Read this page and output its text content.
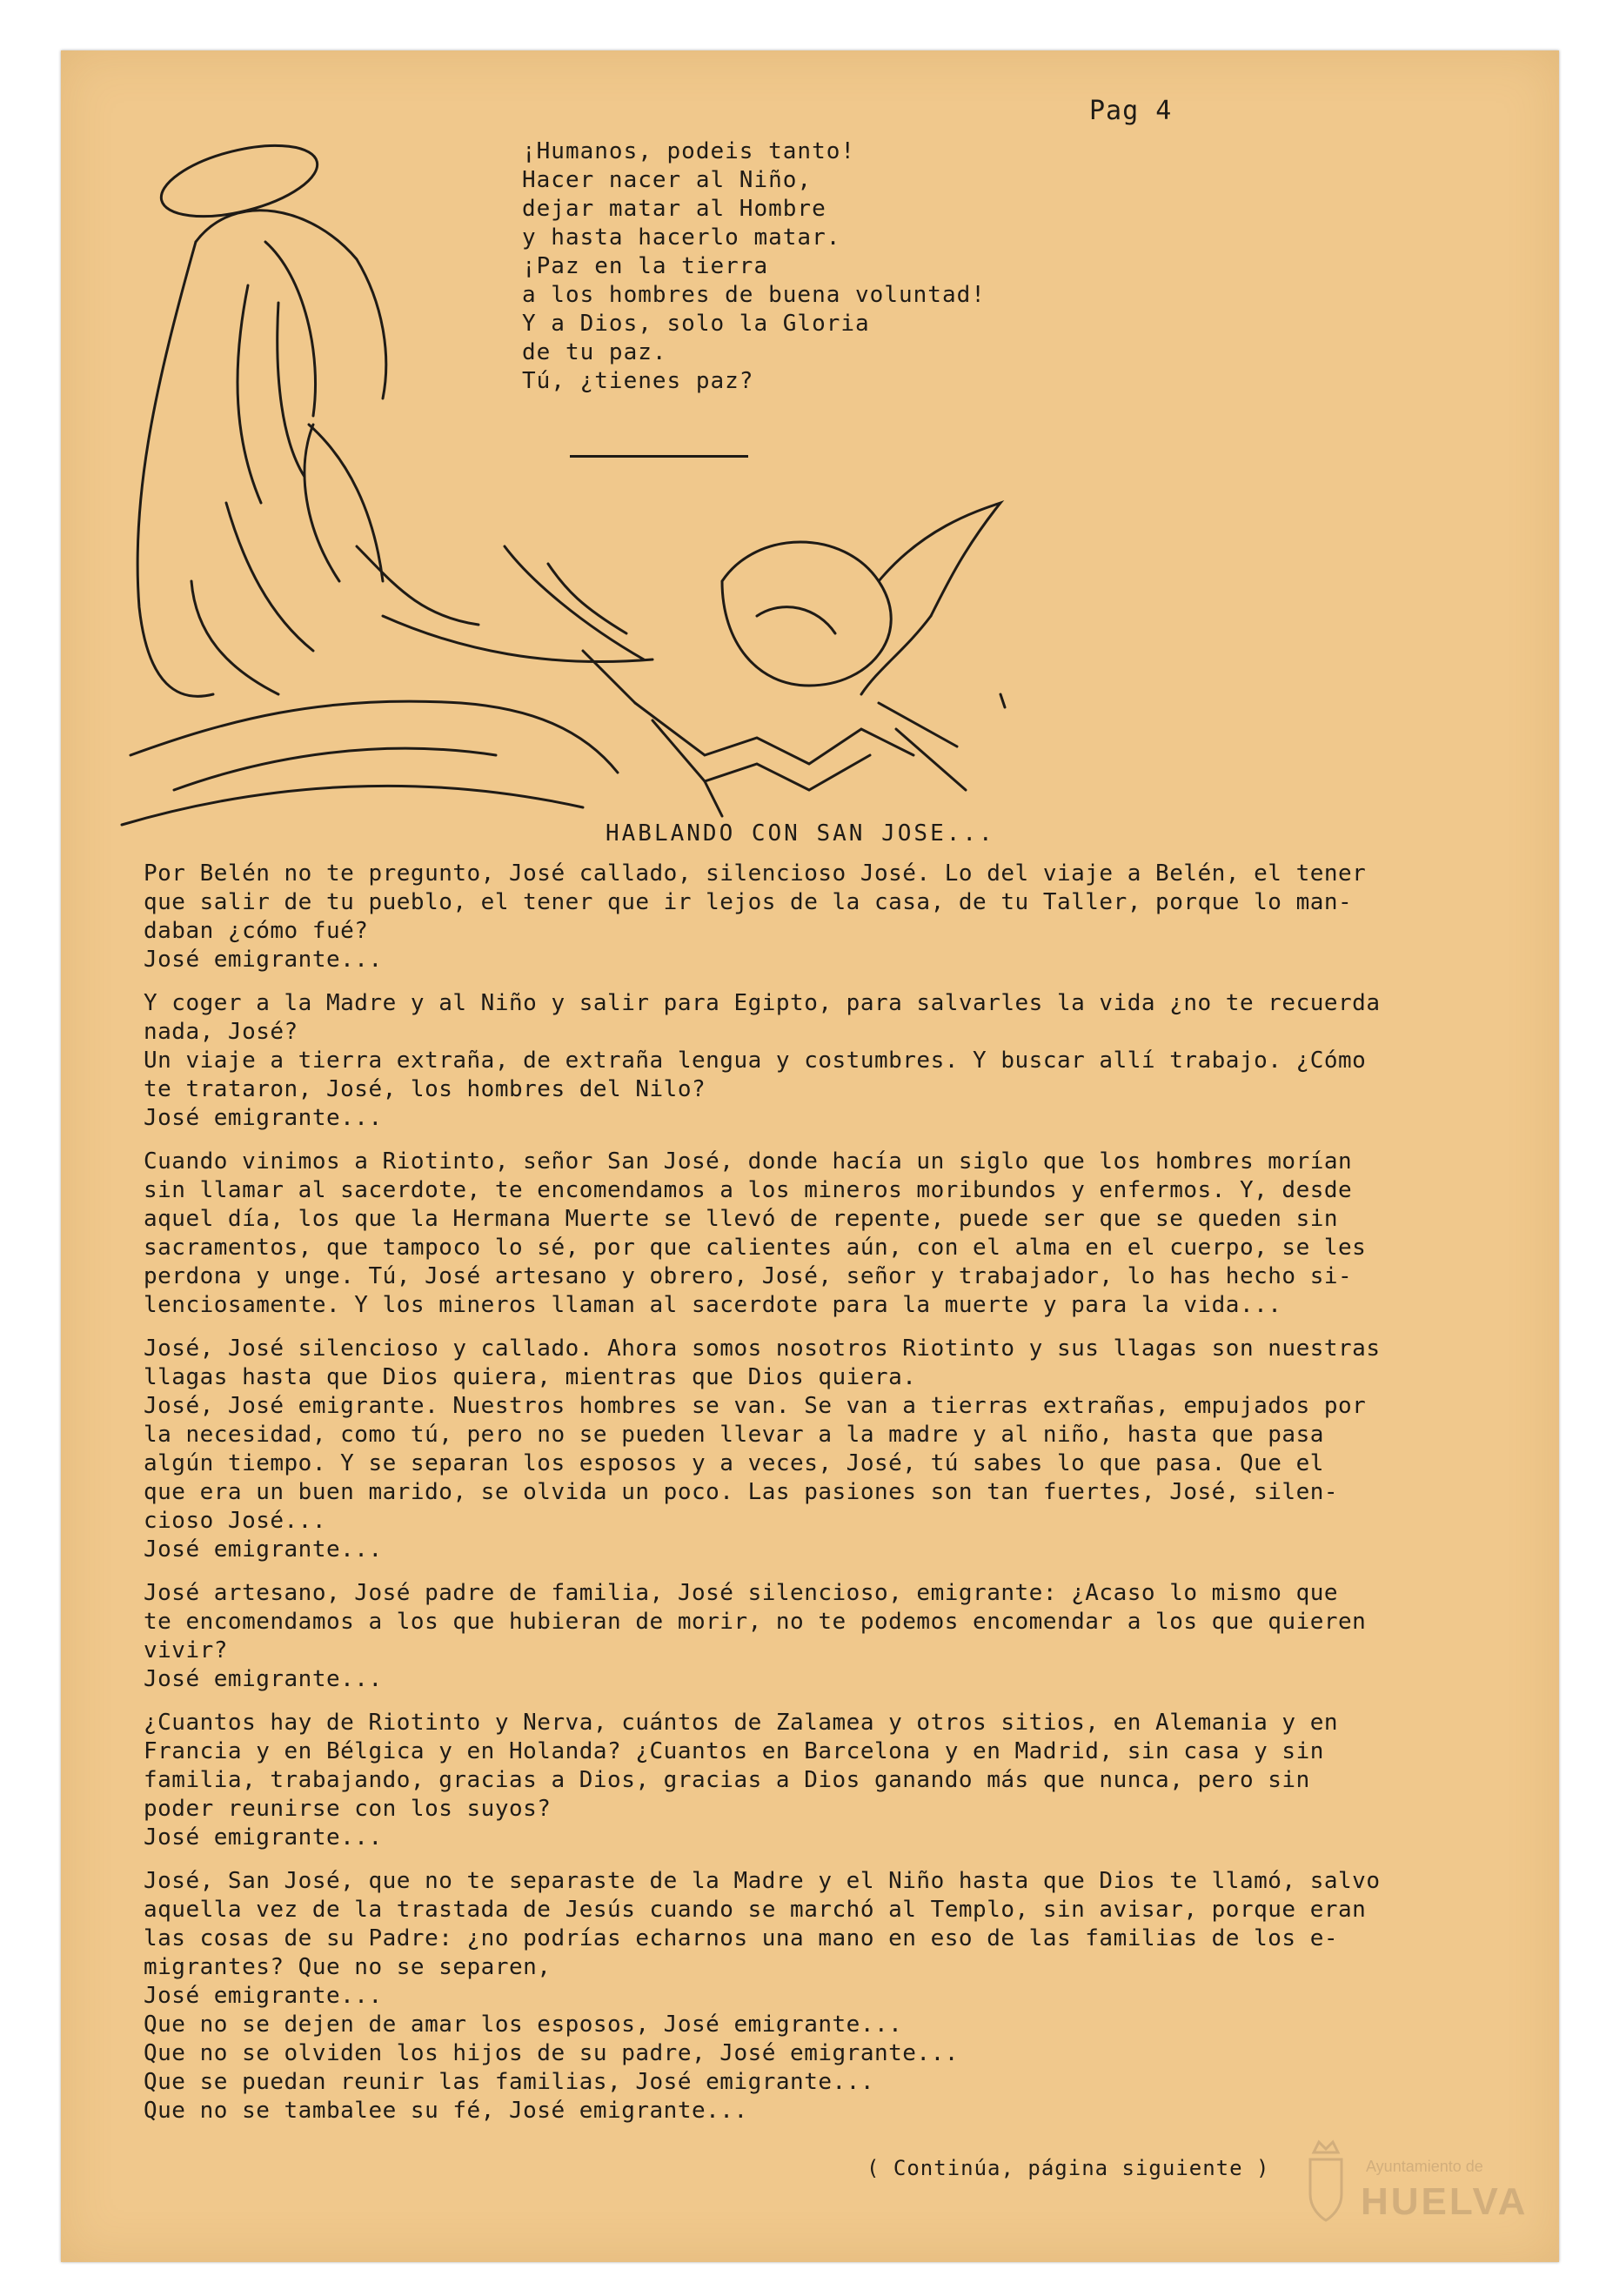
Pag 4
¡Humanos, podeis tanto!
Hacer nacer al Niño,
dejar matar al Hombre
y hasta hacerlo matar.
¡Paz en la tierra
a los hombres de buena voluntad!
Y a Dios, solo la Gloria
de tu paz.
Tú, ¿tienes paz?
HABLANDO CON SAN JOSE...
Por Belén no te pregunto, José callado, silencioso José. Lo del viaje a Belén, el tener
que salir de tu pueblo, el tener que ir lejos de la casa, de tu Taller, porque lo man-
daban ¿cómo fué?
José emigrante...
Y coger a la Madre y al Niño y salir para Egipto, para salvarles la vida ¿no te recuerda
nada, José?
Un viaje a tierra extraña, de extraña lengua y costumbres. Y buscar allí trabajo. ¿Cómo
te trataron, José, los hombres del Nilo?
José emigrante...
Cuando vinimos a Riotinto, señor San José, donde hacía un siglo que los hombres morían
sin llamar al sacerdote, te encomendamos a los mineros moribundos y enfermos. Y, desde
aquel día, los que la Hermana Muerte se llevó de repente, puede ser que se queden sin
sacramentos, que tampoco lo sé, por que calientes aún, con el alma en el cuerpo, se les
perdona y unge. Tú, José artesano y obrero, José, señor y trabajador, lo has hecho si-
lenciosamente. Y los mineros llaman al sacerdote para la muerte y para la vida...
José, José silencioso y callado. Ahora somos nosotros Riotinto y sus llagas son nuestras
llagas hasta que Dios quiera, mientras que Dios quiera.
José, José emigrante. Nuestros hombres se van. Se van a tierras extrañas, empujados por
la necesidad, como tú, pero no se pueden llevar a la madre y al niño, hasta que pasa
algún tiempo. Y se separan los esposos y a veces, José, tú sabes lo que pasa. Que el
que era un buen marido, se olvida un poco. Las pasiones son tan fuertes, José, silen-
cioso José...
José emigrante...
José artesano, José padre de familia, José silencioso, emigrante: ¿Acaso lo mismo que
te encomendamos a los que hubieran de morir, no te podemos encomendar a los que quieren
vivir?
José emigrante...
¿Cuantos hay de Riotinto y Nerva, cuántos de Zalamea y otros sitios, en Alemania y en
Francia y en Bélgica y en Holanda? ¿Cuantos en Barcelona y en Madrid, sin casa y sin
familia, trabajando, gracias a Dios, gracias a Dios ganando más que nunca, pero sin
poder reunirse con los suyos?
José emigrante...
José, San José, que no te separaste de la Madre y el Niño hasta que Dios te llamó, salvo
aquella vez de la trastada de Jesús cuando se marchó al Templo, sin avisar, porque eran
las cosas de su Padre: ¿no podrías echarnos una mano en eso de las familias de los e-
migrantes? Que no se separen,
José emigrante...
Que no se dejen de amar los esposos, José emigrante...
Que no se olviden los hijos de su padre, José emigrante...
Que se puedan reunir las familias, José emigrante...
Que no se tambalee su fé, José emigrante...
( Continúa, página siguiente )	Ayuntamiento de
HUELVA
